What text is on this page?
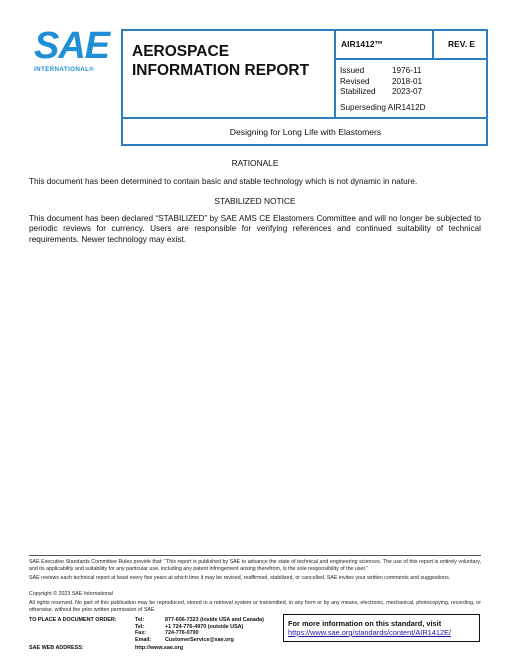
SAE
INTERNATIONAL®
AEROSPACE
INFORMATION REPORT
AIR1412™	REV. E
Issued	1976-11
Revised	2018-01
Stabilized	2023-07
Superseding AIR1412D
Designing for Long Life with Elastomers
RATIONALE
This document has been determined to contain basic and stable technology which is not dynamic in nature.
STABILIZED NOTICE
This document has been declared “STABILIZED” by SAE AMS CE Elastomers Committee and will no longer be subjected to periodic reviews for currency. Users are responsible for verifying references and continued suitability of technical requirements. Newer technology may exist.
SAE Executive Standards Committee Rules provide that: “This report is published by SAE to advance the state of technical and engineering sciences. The use of this report is entirely voluntary, and its applicability and suitability for any particular use, including any patent infringement arising therefrom, is the sole responsibility of the user.”
SAE reviews each technical report at least every five years at which time it may be revised, reaffirmed, stabilized, or cancelled. SAE invites your written comments and suggestions.
Copyright © 2023 SAE International
All rights reserved. No part of this publication may be reproduced, stored in a retrieval system or transmitted, in any form or by any means, electronic, mechanical, photocopying, recording, or otherwise, without the prior written permission of SAE.
TO PLACE A DOCUMENT ORDER:	Tel:	877-606-7323 (inside USA and Canada)
Tel:	+1 724-776-4970 (outside USA)
Fax:	724-776-0790
Email:	CustomerService@sae.org
SAE WEB ADDRESS:	http://www.sae.org
For more information on this standard, visit
https://www.sae.org/standards/content/AIR1412E/
